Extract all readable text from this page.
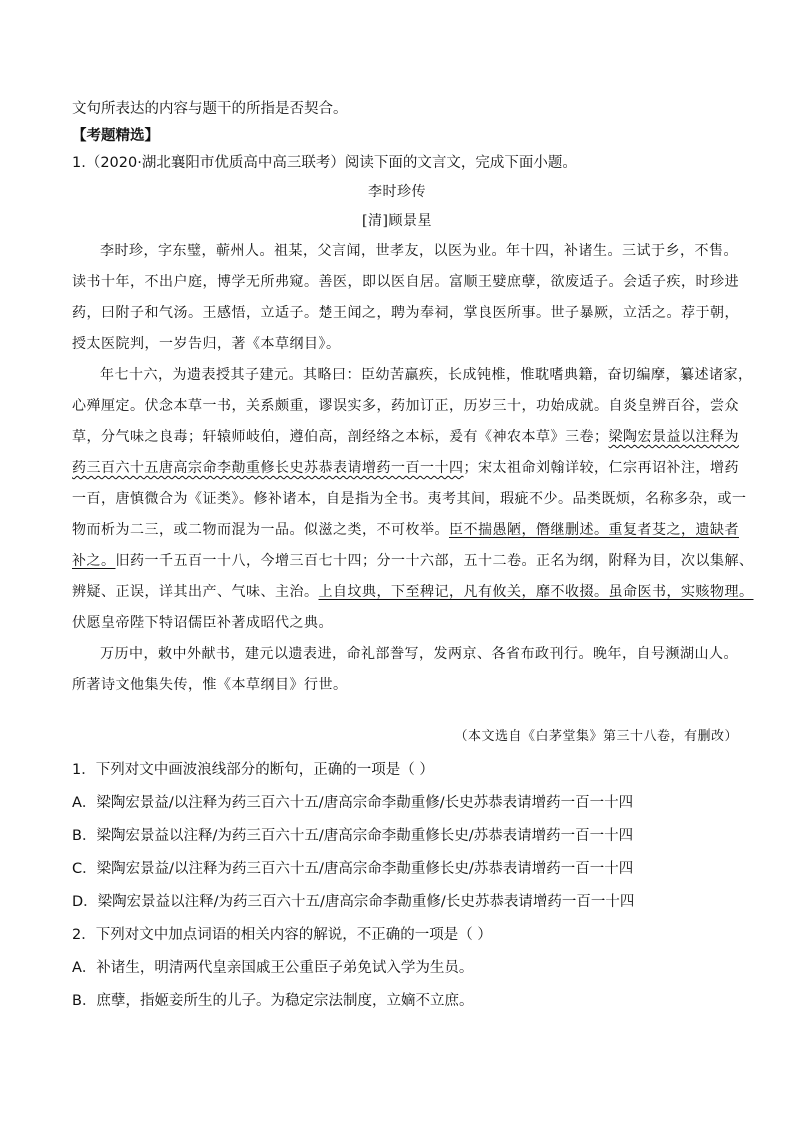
文句所表达的内容与题干的所指是否契合。
【考题精选】
1.（2020·湖北襄阳市优质高中高三联考）阅读下面的文言文，完成下面小题。
李时珍传
[清]顾景星
李时珍，字东璧，蕲州人。祖某，父言闻，世孝友，以医为业。年十四，补诸生。三试于乡，不售。
读书十年，不出户庭，博学无所弗窥。善医，即以医自居。富顺王嬖庶孽，欲废适子。会适子疾，时珍进
药，曰附子和气汤。王感悟，立适子。楚王闻之，聘为奉祠，掌良医所事。世子暴厥，立活之。荐于朝，
授太医院判，一岁告归，著《本草纲目》。
年七十六，为遗表授其子建元。其略曰：臣幼苦羸疾，长成钝椎，惟耽嗜典籍，奋切编摩，纂述诸家，
心殚厘定。伏念本草一书，关系颇重，谬误实多，药加订正，历岁三十，功始成就。自炎皇辨百谷，尝众
草，分气味之良毒；轩辕师岐伯，遵伯高，剖经络之本标，爰有《神农本草》三卷；梁陶宏景益以注释为
药三百六十五唐高宗命李勣重修长史苏恭表请增药一百一十四；宋太祖命刘翰详较，仁宗再诏补注，增药
一百，唐慎微合为《证类》。修补诸本，自是指为全书。夷考其间，瑕疵不少。品类既烦，名称多杂，或一
物而析为二三，或二物而混为一品。似滋之类，不可枚举。臣不揣愚陋，僭继删述。重复者芟之，遗缺者
补之。旧药一千五百一十八，今增三百七十四；分一十六部，五十二卷。正名为纲，附释为目，次以集解、
辨疑、正误，详其出产、气味、主治。上自坟典，下至稗记，凡有攸关，靡不收掇。虽命医书，实赅物理。
伏愿皇帝陛下特诏儒臣补著成昭代之典。
万历中，敕中外献书，建元以遗表进，命礼部誊写，发两京、各省布政刊行。晚年，自号濒湖山人。
所著诗文他集失传，惟《本草纲目》行世。
（本文选自《白茅堂集》第三十八卷，有删改）
1．下列对文中画波浪线部分的断句，正确的一项是（ ）
A．梁陶宏景益/以注释为药三百六十五/唐高宗命李勣重修/长史苏恭表请增药一百一十四
B．梁陶宏景益以注释/为药三百六十五/唐高宗命李勣重修长史/苏恭表请增药一百一十四
C．梁陶宏景益/以注释为药三百六十五/唐高宗命李勣重修长史/苏恭表请增药一百一十四
D．梁陶宏景益以注释/为药三百六十五/唐高宗命李勣重修/长史苏恭表请增药一百一十四
2．下列对文中加点词语的相关内容的解说，不正确的一项是（ ）
A．补诸生，明清两代皇亲国戚王公重臣子弟免试入学为生员。
B．庶孽，指姬妾所生的儿子。为稳定宗法制度，立嫡不立庶。
